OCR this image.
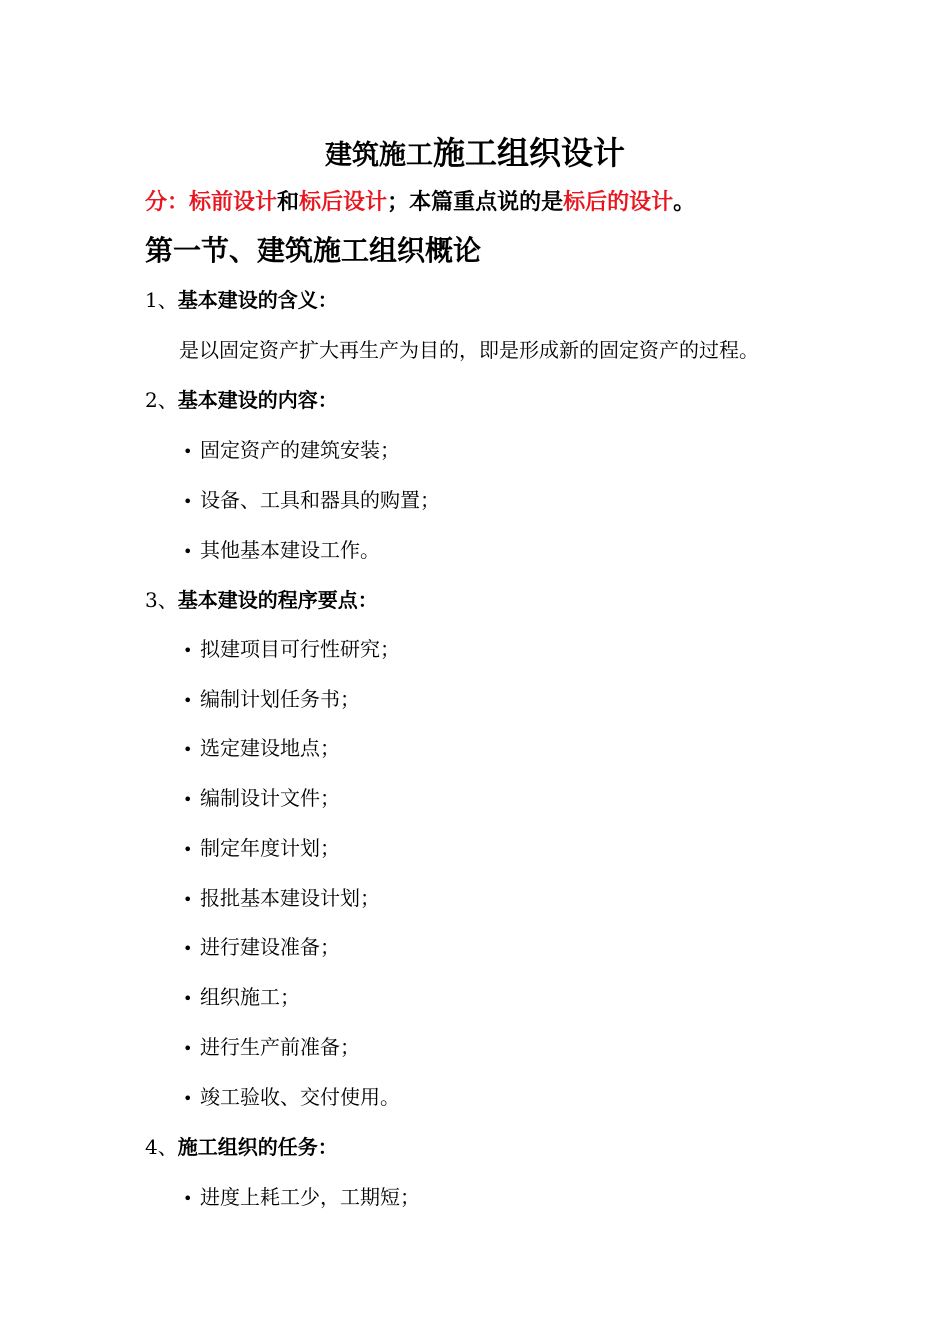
建筑施工施工组织设计
分：标前设计和标后设计；本篇重点说的是标后的设计。
第一节、建筑施工组织概论
1、基本建设的含义：
是以固定资产扩大再生产为目的，即是形成新的固定资产的过程。
2、基本建设的内容：
• 固定资产的建筑安装；
• 设备、工具和器具的购置；
• 其他基本建设工作。
3、基本建设的程序要点：
• 拟建项目可行性研究；
• 编制计划任务书；
• 选定建设地点；
• 编制设计文件；
• 制定年度计划；
• 报批基本建设计划；
• 进行建设准备；
• 组织施工；
• 进行生产前准备；
• 竣工验收、交付使用。
4、施工组织的任务：
• 进度上耗工少，工期短；
